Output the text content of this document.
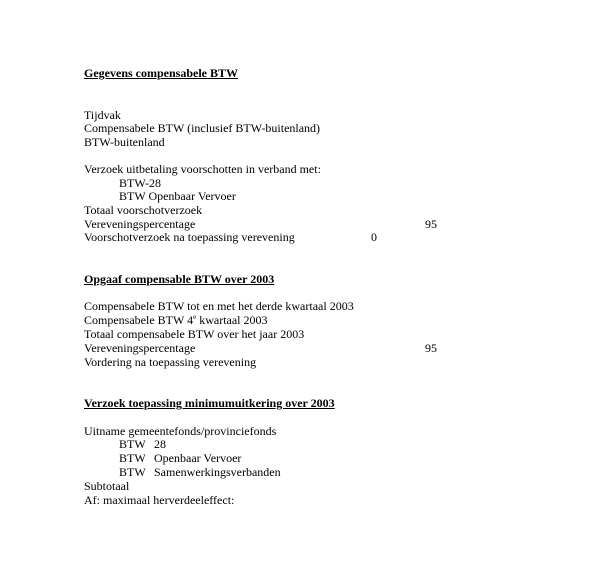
Gegevens compensabele BTW
Tijdvak
Compensabele BTW (inclusief BTW-buitenland)
BTW-buitenland
Verzoek uitbetaling voorschotten in verband met:
BTW-28
BTW Openbaar Vervoer
Totaal voorschotverzoek
Vereveningspercentage	95
Voorschotverzoek na toepassing verevening	0
Opgaaf compensable BTW over 2003
Compensabele BTW tot en met het derde kwartaal 2003
Compensabele BTW 4e kwartaal 2003
Totaal compensabele BTW over het jaar 2003
Vereveningspercentage	95
Vordering na toepassing verevening
Verzoek toepassing minimumuitkering over 2003
Uitname gemeentefonds/provinciefonds
BTW 28
BTW Openbaar Vervoer
BTW Samenwerkingsverbanden
Subtotaal
Af: maximaal herverdeeleffect:
